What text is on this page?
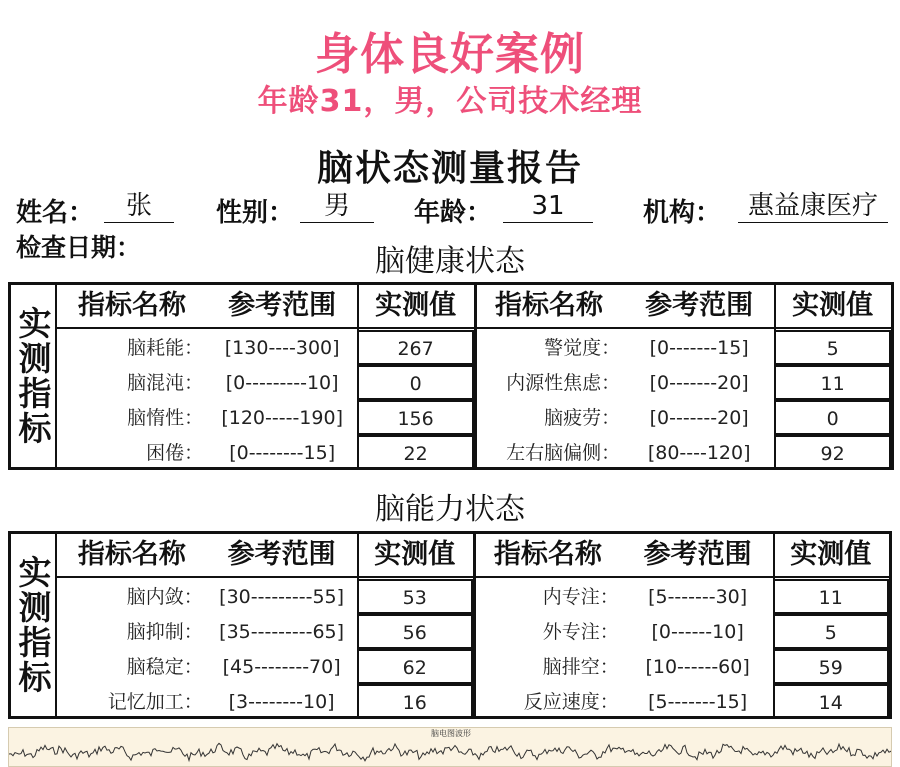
身体良好案例
年龄31，男，公司技术经理
脑状态测量报告
姓名：	张	性别：	男	年龄：	31	机构：	惠益康医疗
检查日期：	脑健康状态
实测指标
指标名称	参考范围	实测值
脑耗能：	[130----300]	267
脑混沌：	[0---------10]	0
脑惰性： [120-----190]	156
困倦：	[0--------15]	22
指标名称	参考范围	实测值
警觉度：	[0-------15]	5
内源性焦虑：	[0-------20]	11
脑疲劳：	[0-------20]	0
左右脑偏侧：	[80----120]	92
脑能力状态
实测指标
指标名称	参考范围	实测值
脑内敛： [30---------55]	53
脑抑制： [35---------65]	56
脑稳定：	[45--------70]	62
记忆加工：	[3--------10]	16
指标名称	参考范围	实测值
内专注：	[5-------30]	11
外专注：	[0------10]	5
脑排空：	[10------60]	59
反应速度：	[5-------15]	14
脑电图波形
